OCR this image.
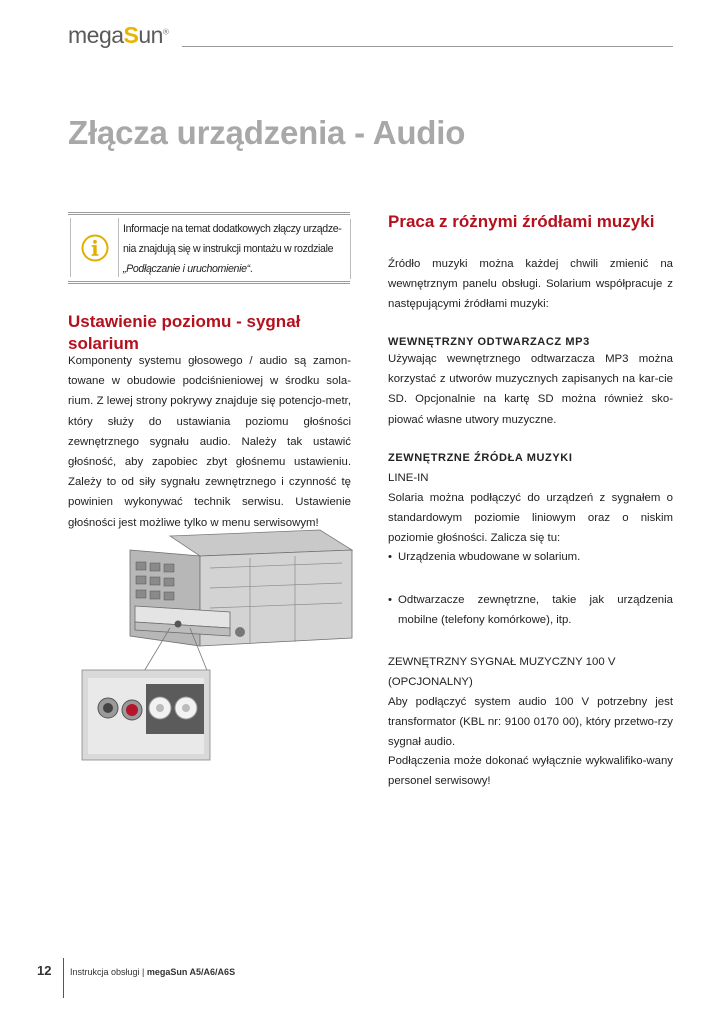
megaSun®
Złącza urządzenia - Audio
Informacje na temat dodatkowych złączy urządze-nia znajdują się w instrukcji montażu w rozdziale „Podłączanie i uruchomienie“.
Ustawienie poziomu - sygnał solarium
Komponenty systemu głosowego / audio są zamon-towane w obudowie podciśnieniowej w środku sola-rium. Z lewej strony pokrywy znajduje się potencjo-metr, który służy do ustawiania poziomu głośności zewnętrznego sygnału audio. Należy tak ustawić głośność, aby zapobiec zbyt głośnemu ustawieniu. Zależy to od siły sygnału zewnętrznego i czynność tę powinien wykonywać technik serwisu. Ustawienie głośności jest możliwe tylko w menu serwisowym!
Praca z różnymi źródłami muzyki
Źródło muzyki można każdej chwili zmienić na wewnętrznym panelu obsługi. Solarium współpracuje z następującymi źródłami muzyki:
WEWNĘTRZNY ODTWARZACZ MP3
Używając wewnętrznego odtwarzacza MP3 można korzystać z utworów muzycznych zapisanych na kar-cie SD. Opcjonalnie na kartę SD można również sko-piować własne utwory muzyczne.
ZEWNĘTRZNE ŹRÓDŁA MUZYKI
LINE-IN
Solaria można podłączyć do urządzeń z sygnałem o standardowym poziomie liniowym oraz o niskim poziomie głośności. Zalicza się tu:
• Urządzenia wbudowane w solarium.
• Odtwarzacze zewnętrzne, takie jak urządzenia mobilne (telefony komórkowe), itp.
ZEWNĘTRZNY SYGNAŁ MUZYCZNY 100 V (OPCJONALNY)
Aby podłączyć system audio 100 V potrzebny jest transformator (KBL nr: 9100 0170 00), który przetwo-rzy sygnał audio.
Podłączenia może dokonać wyłącznie wykwalifiko-wany personel serwisowy!
12 Instrukcja obsługi | megaSun A5/A6/A6S
